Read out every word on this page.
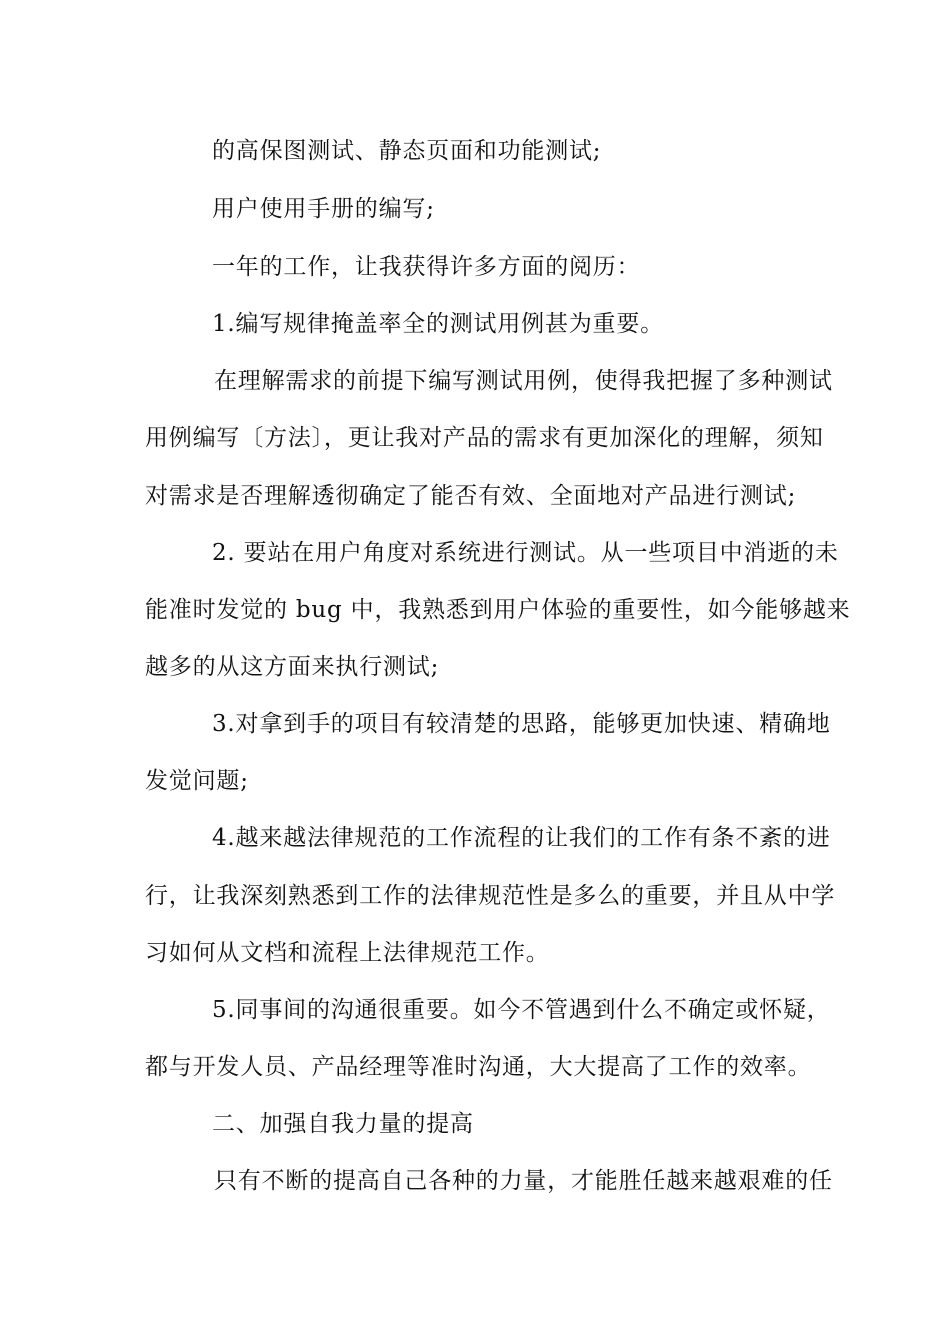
的高保图测试、静态页面和功能测试;
用户使用手册的编写;
一年的工作，让我获得许多方面的阅历：
1.编写规律掩盖率全的测试用例甚为重要。
在理解需求的前提下编写测试用例，使得我把握了多种测试
用例编写〔方法〕，更让我对产品的需求有更加深化的理解，须知
对需求是否理解透彻确定了能否有效、全面地对产品进行测试;
2. 要站在用户角度对系统进行测试。从一些项目中消逝的未
能准时发觉的 bug 中，我熟悉到用户体验的重要性，如今能够越来
越多的从这方面来执行测试;
3.对拿到手的项目有较清楚的思路，能够更加快速、精确地
发觉问题;
4.越来越法律规范的工作流程的让我们的工作有条不紊的进
行，让我深刻熟悉到工作的法律规范性是多么的重要，并且从中学
习如何从文档和流程上法律规范工作。
5.同事间的沟通很重要。如今不管遇到什么不确定或怀疑，
都与开发人员、产品经理等准时沟通，大大提高了工作的效率。
二、加强自我力量的提高
只有不断的提高自己各种的力量，才能胜任越来越艰难的任
